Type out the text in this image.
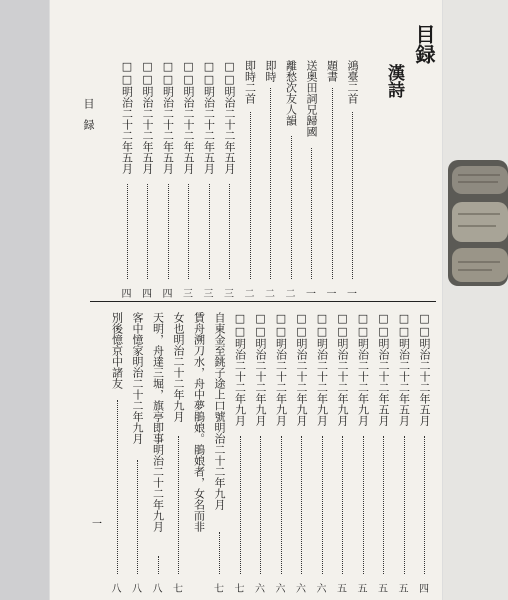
目録
漢詩
鴻臺二首
一
題書
一
送奥田詞兄歸國
一
離愁次友人韻
二
即時
二
即時二首
二
□□明治二十二年五月
三
□□明治二十二年五月
三
□□明治二十二年五月
三
□□明治二十二年五月
四
□□明治二十二年五月
四
□□明治二十二年五月
四
□□明治二十二年五月
四
□□明治二十二年五月
五
□□明治二十二年五月
五
□□明治二十二年九月
五
□□明治二十二年九月
五
□□明治二十二年九月
六
□□明治二十二年九月
六
□□明治二十二年九月
六
□□明治二十二年九月
六
□□明治二十二年九月
七
自東金至銚子途上口號明治二十二年九月
七
賃舟溯刀水，舟中夢鵑娘。鵑娘者，女名而非
女也明治二十二年九月
七
天明，舟達三堀，旗亭即事明治二十二年九月
八
客中憶家明治二十二年九月
八
別後憶京中諸友
八
目録
一
